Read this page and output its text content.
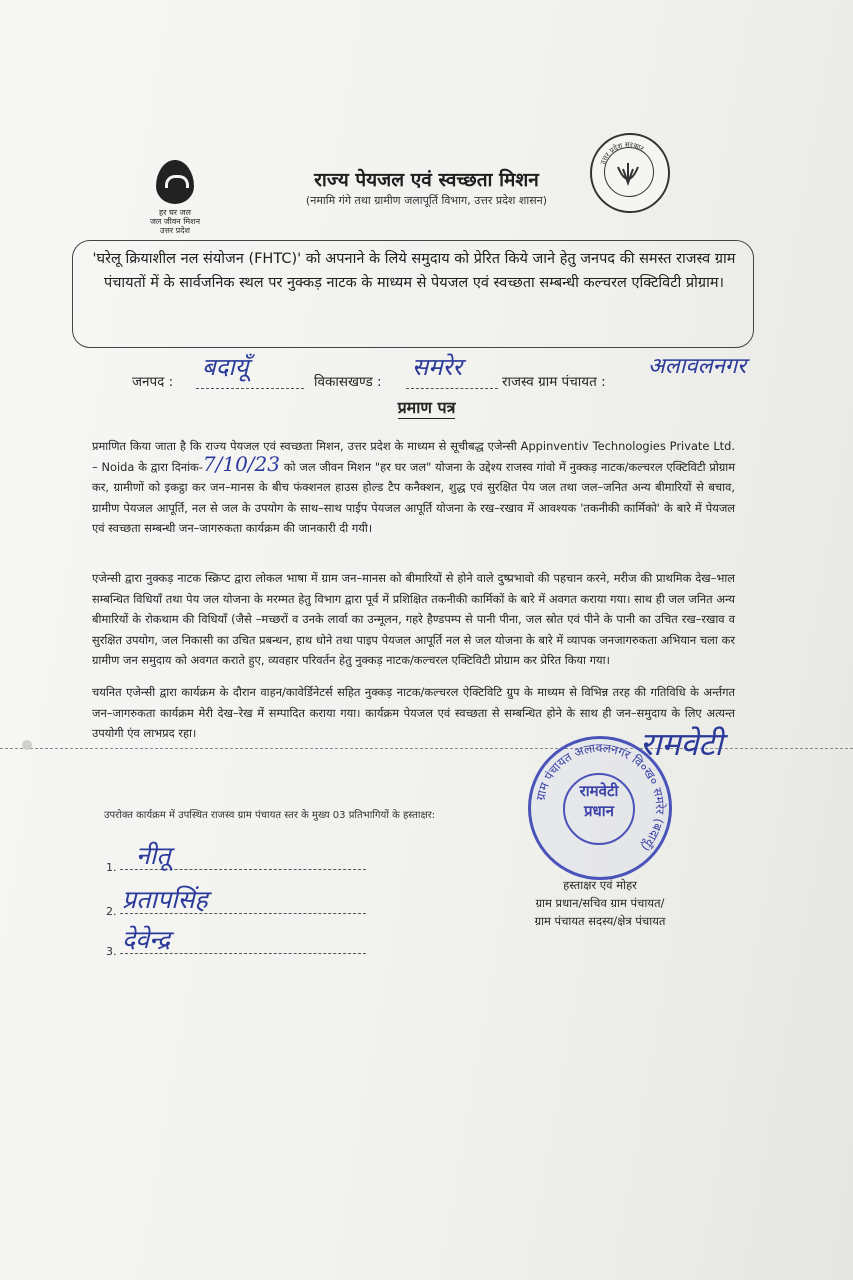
हर घर जल
जल जीवन मिशन
उत्तर प्रदेश
उत्तर प्रदेश सरकार
राज्य पेयजल एवं स्वच्छता मिशन
(नमामि गंगे तथा ग्रामीण जलापूर्ति विभाग, उत्तर प्रदेश शासन)
'घरेलू क्रियाशील नल संयोजन (FHTC)' को अपनाने के लिये समुदाय को प्रेरित किये जाने हेतु जनपद की समस्त राजस्व ग्राम पंचायतों में के सार्वजनिक स्थल पर नुक्कड़ नाटक के माध्यम से पेयजल एवं स्वच्छता सम्बन्धी कल्चरल एक्टिविटी प्रोग्राम।
जनपद :
बदायूँ
विकासखण्ड :
समरेर
राजस्व ग्राम पंचायत :
अलावलनगर
प्रमाण पत्र
प्रमाणित किया जाता है कि राज्य पेयजल एवं स्वच्छता मिशन, उत्तर प्रदेश के माध्यम से सूचीबद्ध एजेन्सी Appinventiv Technologies Private Ltd. – Noida के द्वारा दिनांक-7/10/23 को जल जीवन मिशन "हर घर जल" योजना के उद्देश्य राजस्व गांवो में नुक्कड़ नाटक/कल्चरल एक्टिविटी प्रोग्राम कर, ग्रामीणों को इकट्ठा कर जन–मानस के बीच फंक्शनल हाउस होल्ड टैप कनैक्शन, शुद्ध एवं सुरक्षित पेय जल तथा जल–जनित अन्य बीमारियों से बचाव, ग्रामीण पेयजल आपूर्ति, नल से जल के उपयोग के साथ–साथ पाईप पेयजल आपूर्ति योजना के रख–रखाव में आवश्यक 'तकनीकी कार्मिको' के बारे में पेयजल एवं स्वच्छता सम्बन्धी जन–जागरुकता कार्यक्रम की जानकारी दी गयी।
एजेन्सी द्वारा नुक्कड़ नाटक स्क्रिप्ट द्वारा लोकल भाषा में ग्राम जन–मानस को बीमारियों से होने वाले दुष्प्रभावो की पहचान करने, मरीज की प्राथमिक देख–भाल सम्बन्धित विधियाँ तथा पेय जल योजना के मरम्मत हेतु विभाग द्वारा पूर्व में प्रशिक्षित तकनीकी कार्मिकों के बारे में अवगत कराया गया। साथ ही जल जनित अन्य बीमारियों के रोकथाम की विधियाँ (जैसे –मच्छरों व उनके लार्वा का उन्मूलन, गहरे हैण्डपम्प से पानी पीना, जल स्रोत एवं पीने के पानी का उचित रख–रखाव व सुरक्षित उपयोग, जल निकासी का उचित प्रबन्धन, हाथ धोने तथा पाइप पेयजल आपूर्ति नल से जल योजना के बारे में व्यापक जनजागरुकता अभियान चला कर ग्रामीण जन समुदाय को अवगत कराते हुए, व्यवहार परिवर्तन हेतु नुक्कड़ नाटक/कल्चरल एक्टिविटी प्रोग्राम कर प्रेरित किया गया।
चयनित एजेन्सी द्वारा कार्यक्रम के दौरान वाहन/कावेर्डिनेटर्स सहित नुक्कड़ नाटक/कल्चरल ऐक्टिविटि ग्रुप के माध्यम से विभिन्न तरह की गतिविधि के अर्न्तगत जन–जागरुकता कार्यक्रम मेरी देख–रेख में सम्पादित कराया गया। कार्यक्रम पेयजल एवं स्वच्छता से सम्बन्धित होने के साथ ही जन–समुदाय के लिए अत्यन्त उपयोगी एंव लाभप्रद रहा।
ग्राम पंचायत अलावलनगर वि०ख० समरेर (बदायूँ)
रामवेटी
प्रधान
रामवेटी
उपरोक्त कार्यक्रम में उपस्थित राजस्व ग्राम पंचायत स्तर के मुख्य 03 प्रतिभागियों के हस्ताक्षर:
1. नीतू
2. प्रतापसिंह
3. देवेन्द्र
हस्ताक्षर एवं मोहर
ग्राम प्रधान/सचिव ग्राम पंचायत/
ग्राम पंचायत सदस्य/क्षेत्र पंचायत
